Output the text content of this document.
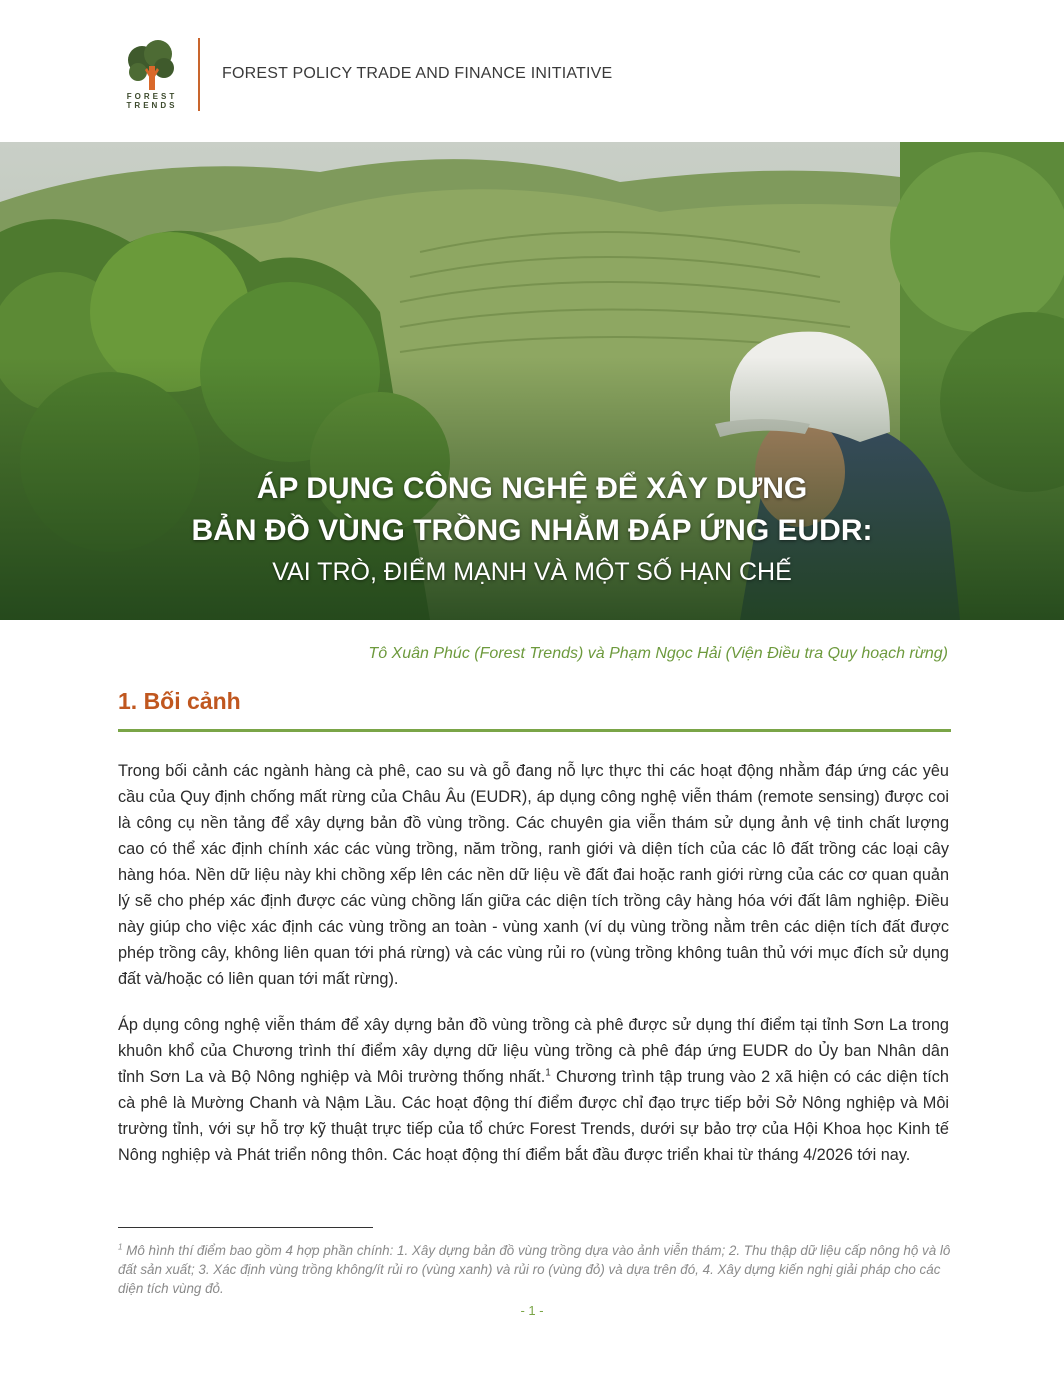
FOREST
TRENDS
FOREST POLICY TRADE AND FINANCE INITIATIVE
ÁP DỤNG CÔNG NGHỆ ĐỂ XÂY DỰNG
BẢN ĐỒ VÙNG TRỒNG NHẰM ĐÁP ỨNG EUDR:
VAI TRÒ, ĐIỂM MẠNH VÀ MỘT SỐ HẠN CHẾ
Tô Xuân Phúc (Forest Trends) và Phạm Ngọc Hải (Viện Điều tra Quy hoạch rừng)
1. Bối cảnh

Trong bối cảnh các ngành hàng cà phê, cao su và gỗ đang nỗ lực thực thi các hoạt động nhằm đáp ứng các yêu cầu của Quy định chống mất rừng của Châu Âu (EUDR), áp dụng công nghệ viễn thám (remote sensing) được coi là công cụ nền tảng để xây dựng bản đồ vùng trồng. Các chuyên gia viễn thám sử dụng ảnh vệ tinh chất lượng cao có thể xác định chính xác các vùng trồng, năm trồng, ranh giới và diện tích của các lô đất trồng các loại cây hàng hóa. Nền dữ liệu này khi chồng xếp lên các nền dữ liệu về đất đai hoặc ranh giới rừng của các cơ quan quản lý sẽ cho phép xác định được các vùng chồng lấn giữa các diện tích trồng cây hàng hóa với đất lâm nghiệp. Điều này giúp cho việc xác định các vùng trồng an toàn - vùng xanh (ví dụ vùng trồng nằm trên các diện tích đất được phép trồng cây, không liên quan tới phá rừng) và các vùng rủi ro (vùng trồng không tuân thủ với mục đích sử dụng đất và/hoặc có liên quan tới mất rừng).

Áp dụng công nghệ viễn thám để xây dựng bản đồ vùng trồng cà phê được sử dụng thí điểm tại tỉnh Sơn La trong khuôn khổ của Chương trình thí điểm xây dựng dữ liệu vùng trồng cà phê đáp ứng EUDR do Ủy ban Nhân dân tỉnh Sơn La và Bộ Nông nghiệp và Môi trường thống nhất.$^1$ Chương trình tập trung vào 2 xã hiện có các diện tích cà phê là Mường Chanh và Nậm Lầu. Các hoạt động thí điểm được chỉ đạo trực tiếp bởi Sở Nông nghiệp và Môi trường tỉnh, với sự hỗ trợ kỹ thuật trực tiếp của tổ chức Forest Trends, dưới sự bảo trợ của Hội Khoa học Kinh tế Nông nghiệp và Phát triển nông thôn. Các hoạt động thí điểm bắt đầu được triển khai từ tháng 4/2026 tới nay.

$^1$ Mô hình thí điểm bao gồm 4 hợp phần chính: 1. Xây dựng bản đồ vùng trồng dựa vào ảnh viễn thám; 2. Thu thập dữ liệu cấp nông hộ và lô đất sản xuất; 3. Xác định vùng trồng không/ít rủi ro (vùng xanh) và rủi ro (vùng đỏ) và dựa trên đó, 4. Xây dựng kiến nghị giải pháp cho các diện tích vùng đỏ.

- 1 -
